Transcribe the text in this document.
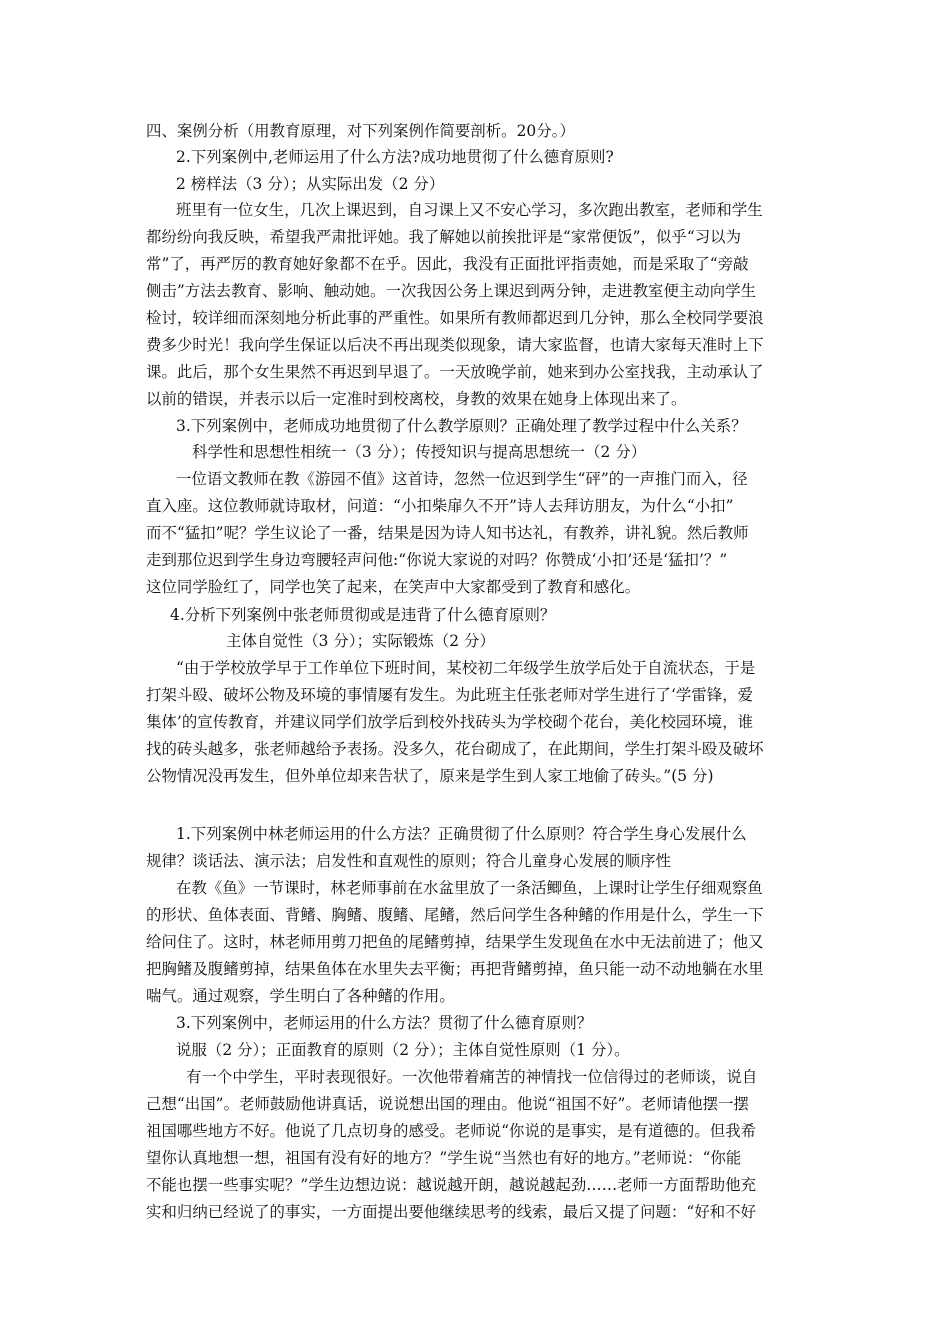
四、案例分析（用教育原理，对下列案例作简要剖析。20分。）
2.下列案例中,老师运用了什么方法?成功地贯彻了什么德育原则?
2 榜样法（3 分）；从实际出发（2 分）
班里有一位女生，几次上课迟到，自习课上又不安心学习，多次跑出教室，老师和学生
都纷纷向我反映，希望我严肃批评她。我了解她以前挨批评是“家常便饭”，似乎“习以为
常”了，再严厉的教育她好象都不在乎。因此，我没有正面批评指责她，而是采取了“旁敲
侧击”方法去教育、影响、触动她。一次我因公务上课迟到两分钟，走进教室便主动向学生
检讨，较详细而深刻地分析此事的严重性。如果所有教师都迟到几分钟，那么全校同学要浪
费多少时光！我向学生保证以后决不再出现类似现象，请大家监督，也请大家每天准时上下
课。此后，那个女生果然不再迟到早退了。一天放晚学前，她来到办公室找我，主动承认了
以前的错误，并表示以后一定准时到校离校，身教的效果在她身上体现出来了。
3.下列案例中，老师成功地贯彻了什么教学原则？正确处理了教学过程中什么关系？
科学性和思想性相统一（3 分）；传授知识与提高思想统一（2 分）
一位语文教师在教《游园不值》这首诗，忽然一位迟到学生“砰”的一声推门而入，径
直入座。这位教师就诗取材，问道：“小扣柴扉久不开”诗人去拜访朋友，为什么“小扣”
而不“猛扣”呢？学生议论了一番，结果是因为诗人知书达礼，有教养，讲礼貌。然后教师
走到那位迟到学生身边弯腰轻声问他:“你说大家说的对吗？你赞成‘小扣’还是‘猛扣’？”
这位同学脸红了，同学也笑了起来，在笑声中大家都受到了教育和感化。
4.分析下列案例中张老师贯彻或是违背了什么德育原则？
主体自觉性（3 分）；实际锻炼（2 分）
“由于学校放学早于工作单位下班时间，某校初二年级学生放学后处于自流状态，于是
打架斗殴、破坏公物及环境的事情屡有发生。为此班主任张老师对学生进行了‘学雷锋，爱
集体’的宣传教育，并建议同学们放学后到校外找砖头为学校砌个花台，美化校园环境，谁
找的砖头越多，张老师越给予表扬。没多久，花台砌成了，在此期间，学生打架斗殴及破坏
公物情况没再发生，但外单位却来告状了，原来是学生到人家工地偷了砖头。”(5 分)
1.下列案例中林老师运用的什么方法？正确贯彻了什么原则？符合学生身心发展什么
规律？谈话法、演示法；启发性和直观性的原则；符合儿童身心发展的顺序性
在教《鱼》一节课时，林老师事前在水盆里放了一条活鲫鱼，上课时让学生仔细观察鱼
的形状、鱼体表面、背鳍、胸鳍、腹鳍、尾鳍，然后问学生各种鳍的作用是什么，学生一下
给问住了。这时，林老师用剪刀把鱼的尾鳍剪掉，结果学生发现鱼在水中无法前进了；他又
把胸鳍及腹鳍剪掉，结果鱼体在水里失去平衡；再把背鳍剪掉，鱼只能一动不动地躺在水里
喘气。通过观察，学生明白了各种鳍的作用。
3.下列案例中，老师运用的什么方法？贯彻了什么德育原则？
说服（2 分）；正面教育的原则（2 分）；主体自觉性原则（1 分）。
有一个中学生，平时表现很好。一次他带着痛苦的神情找一位信得过的老师谈，说自
己想“出国”。老师鼓励他讲真话，说说想出国的理由。他说“祖国不好”。老师请他摆一摆
祖国哪些地方不好。他说了几点切身的感受。老师说“你说的是事实，是有道德的。但我希
望你认真地想一想，祖国有没有好的地方？”学生说“当然也有好的地方。”老师说：“你能
不能也摆一些事实呢？”学生边想边说：越说越开朗，越说越起劲……老师一方面帮助他充
实和归纳已经说了的事实，一方面提出要他继续思考的线索，最后又提了问题：“好和不好
